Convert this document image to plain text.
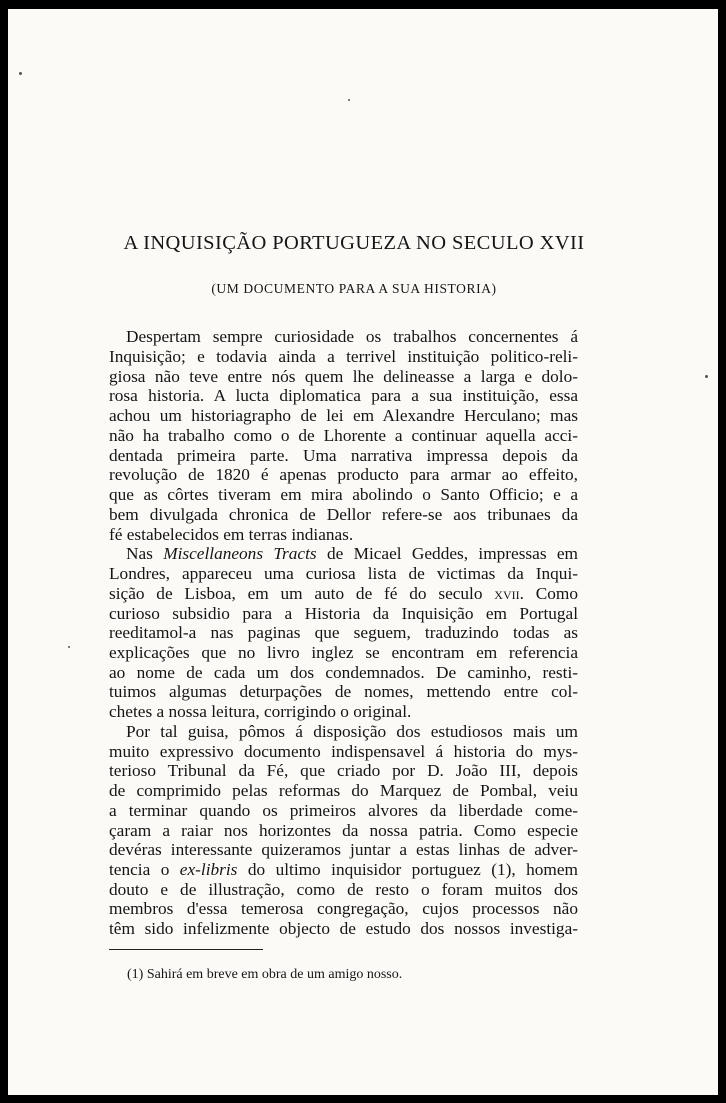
A INQUISIÇÃO PORTUGUEZA NO SECULO XVII

(UM DOCUMENTO PARA A SUA HISTORIA)

Despertam sempre curiosidade os trabalhos concernentes á

Inquisição; e todavia ainda a terrivel instituição politico-reli-

giosa não teve entre nós quem lhe delineasse a larga e dolo-

rosa historia. A lucta diplomatica para a sua instituição, essa

achou um historiagrapho de lei em Alexandre Herculano; mas

não ha trabalho como o de Lhorente a continuar aquella acci-

dentada primeira parte. Uma narrativa impressa depois da

revolução de 1820 é apenas producto para armar ao effeito,

que as côrtes tiveram em mira abolindo o Santo Officio; e a

bem divulgada chronica de Dellor refere-se aos tribunaes da

fé estabelecidos em terras indianas.

Nas Miscellaneons Tracts de Micael Geddes, impressas em

Londres, appareceu uma curiosa lista de victimas da Inqui-

sição de Lisboa, em um auto de fé do seculo xvii. Como

curioso subsidio para a Historia da Inquisição em Portugal

reeditamol-a nas paginas que seguem, traduzindo todas as

explicações que no livro inglez se encontram em referencia

ao nome de cada um dos condemnados. De caminho, resti-

tuimos algumas deturpações de nomes, mettendo entre col-

chetes a nossa leitura, corrigindo o original.

Por tal guisa, pômos á disposição dos estudiosos mais um

muito expressivo documento indispensavel á historia do mys-

terioso Tribunal da Fé, que criado por D. João III, depois

de comprimido pelas reformas do Marquez de Pombal, veiu

a terminar quando os primeiros alvores da liberdade come-

çaram a raiar nos horizontes da nossa patria. Como especie

devéras interessante quizeramos juntar a estas linhas de adver-

tencia o ex-libris do ultimo inquisidor portuguez (1), homem

douto e de illustração, como de resto o foram muitos dos

membros d'essa temerosa congregação, cujos processos não

têm sido infelizmente objecto de estudo dos nossos investiga-

(1) Sahirá em breve em obra de um amigo nosso.
